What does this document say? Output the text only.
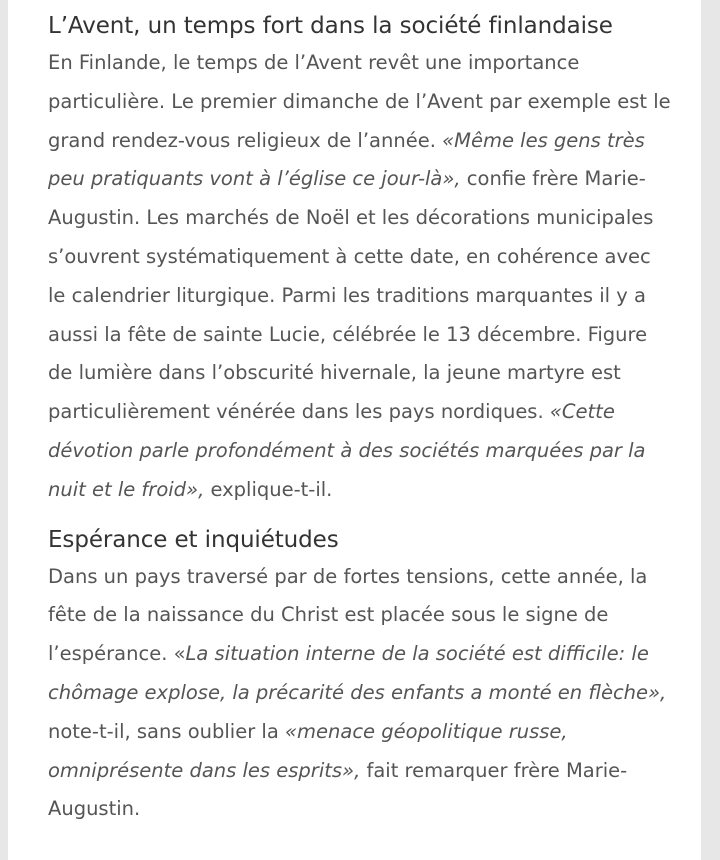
L’Avent, un temps fort dans la société finlandaise

En Finlande, le temps de l’Avent revêt une importance
particulière. Le premier dimanche de l’Avent par exemple est le
grand rendez-vous religieux de l’année. «Même les gens très
peu pratiquants vont à l’église ce jour-là», confie frère Marie-
Augustin. Les marchés de Noël et les décorations municipales
s’ouvrent systématiquement à cette date, en cohérence avec
le calendrier liturgique. Parmi les traditions marquantes il y a
aussi la fête de sainte Lucie, célébrée le 13 décembre. Figure
de lumière dans l’obscurité hivernale, la jeune martyre est
particulièrement vénérée dans les pays nordiques. «Cette
dévotion parle profondément à des sociétés marquées par la
nuit et le froid», explique-t-il.

Espérance et inquiétudes

Dans un pays traversé par de fortes tensions, cette année, la
fête de la naissance du Christ est placée sous le signe de
l’espérance. «La situation interne de la société est difficile: le
chômage explose, la précarité des enfants a monté en flèche»,
note-t-il, sans oublier la «menace géopolitique russe,
omniprésente dans les esprits», fait remarquer frère Marie-
Augustin.
